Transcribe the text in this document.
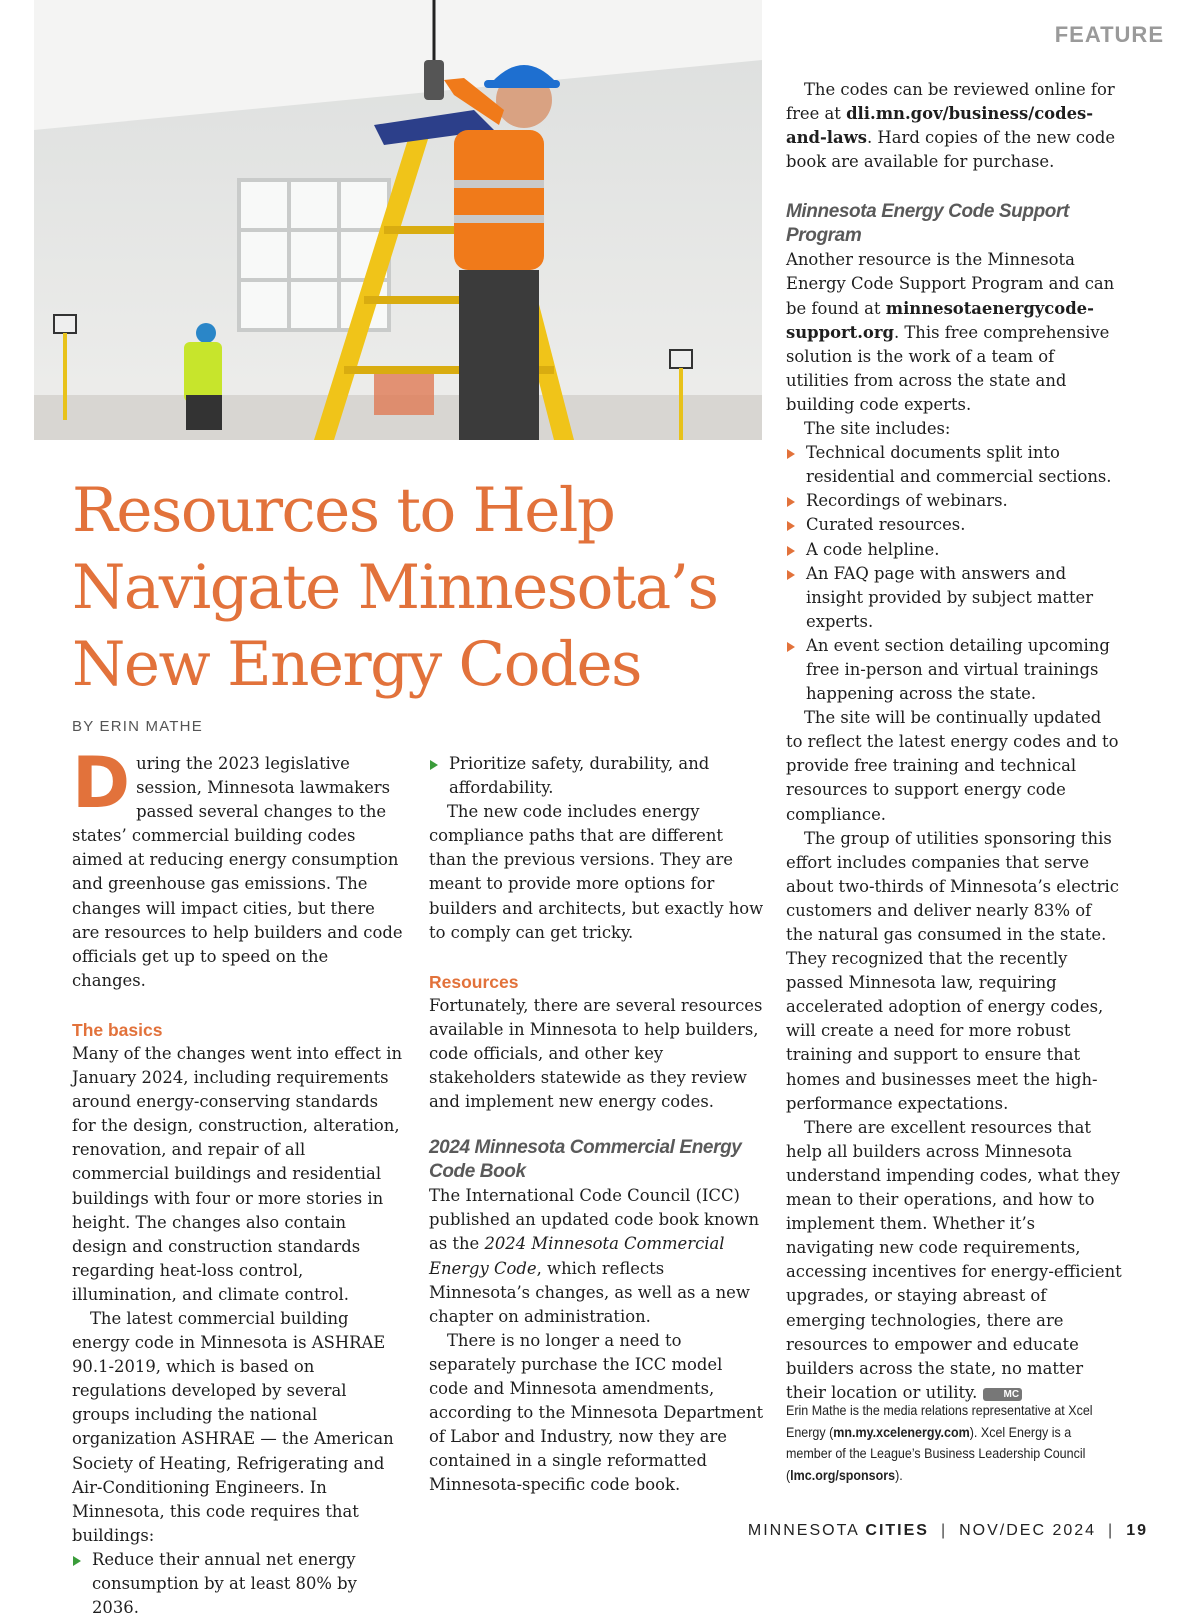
FEATURE
Resources to Help
Navigate Minnesota’s
New Energy Codes
BY ERIN MATHE

During the 2023 legislative session, Minnesota lawmakers passed several changes to the states’ commercial building codes aimed at reducing energy consumption and greenhouse gas emissions. The changes will impact cities, but there are resources to help builders and code officials get up to speed on the changes.

The basics

Many of the changes went into effect in January 2024, including requirements around energy-conserving standards for the design, construction, alteration, renovation, and repair of all commercial buildings and residential buildings with four or more stories in height. The changes also contain design and construction standards regarding heat-loss control, illumination, and climate control.

The latest commercial building energy code in Minnesota is ASHRAE 90.1-2019, which is based on regulations developed by several groups including the national organization ASHRAE — the American Society of Heating, Refrigerating and Air-Conditioning Engineers. In Minnesota, this code requires that buildings:

Reduce their annual net energy consumption by at least 80% by 2036.
Prioritize safety, durability, and affordability.

The new code includes energy compliance paths that are different than the previous versions. They are meant to provide more options for builders and architects, but exactly how to comply can get tricky.

Resources

Fortunately, there are several resources available in Minnesota to help builders, code officials, and other key stakeholders statewide as they review and implement new energy codes.

2024 Minnesota Commercial Energy Code Book

The International Code Council (ICC) published an updated code book known as the 2024 Minnesota Commercial Energy Code, which reflects Minnesota’s changes, as well as a new chapter on administration.

There is no longer a need to separately purchase the ICC model code and Minnesota amendments, according to the Minnesota Department of Labor and Industry, now they are contained in a single reformatted Minnesota-specific code book.

The codes can be reviewed online for free at dli.mn.gov/business/codes-and-laws. Hard copies of the new code book are available for purchase.

Minnesota Energy Code Support Program

Another resource is the Minnesota Energy Code Support Program and can be found at minnesotaenergycode-support.org. This free comprehensive solution is the work of a team of utilities from across the state and building code experts.

The site includes:

Technical documents split into residential and commercial sections.
Recordings of webinars.
Curated resources.
A code helpline.
An FAQ page with answers and insight provided by subject matter experts.
An event section detailing upcoming free in-person and virtual trainings happening across the state.

The site will be continually updated to reflect the latest energy codes and to provide free training and technical resources to support energy code compliance.

The group of utilities sponsoring this effort includes companies that serve about two-thirds of Minnesota’s electric customers and deliver nearly 83% of the natural gas consumed in the state. They recognized that the recently passed Minnesota law, requiring accelerated adoption of energy codes, will create a need for more robust training and support to ensure that homes and businesses meet the high-performance expectations.

There are excellent resources that help all builders across Minnesota understand impending codes, what they mean to their operations, and how to implement them. Whether it’s navigating new code requirements, accessing incentives for energy-efficient upgrades, or staying abreast of emerging technologies, there are resources to empower and educate builders across the state, no matter their location or utility.	MC

Erin Mathe is the media relations representative at Xcel Energy (mn.my.xcelenergy.com). Xcel Energy is a member of the League’s Business Leadership Council (lmc.org/sponsors).
MINNESOTA CITIES | NOV/DEC 2024 | 19
